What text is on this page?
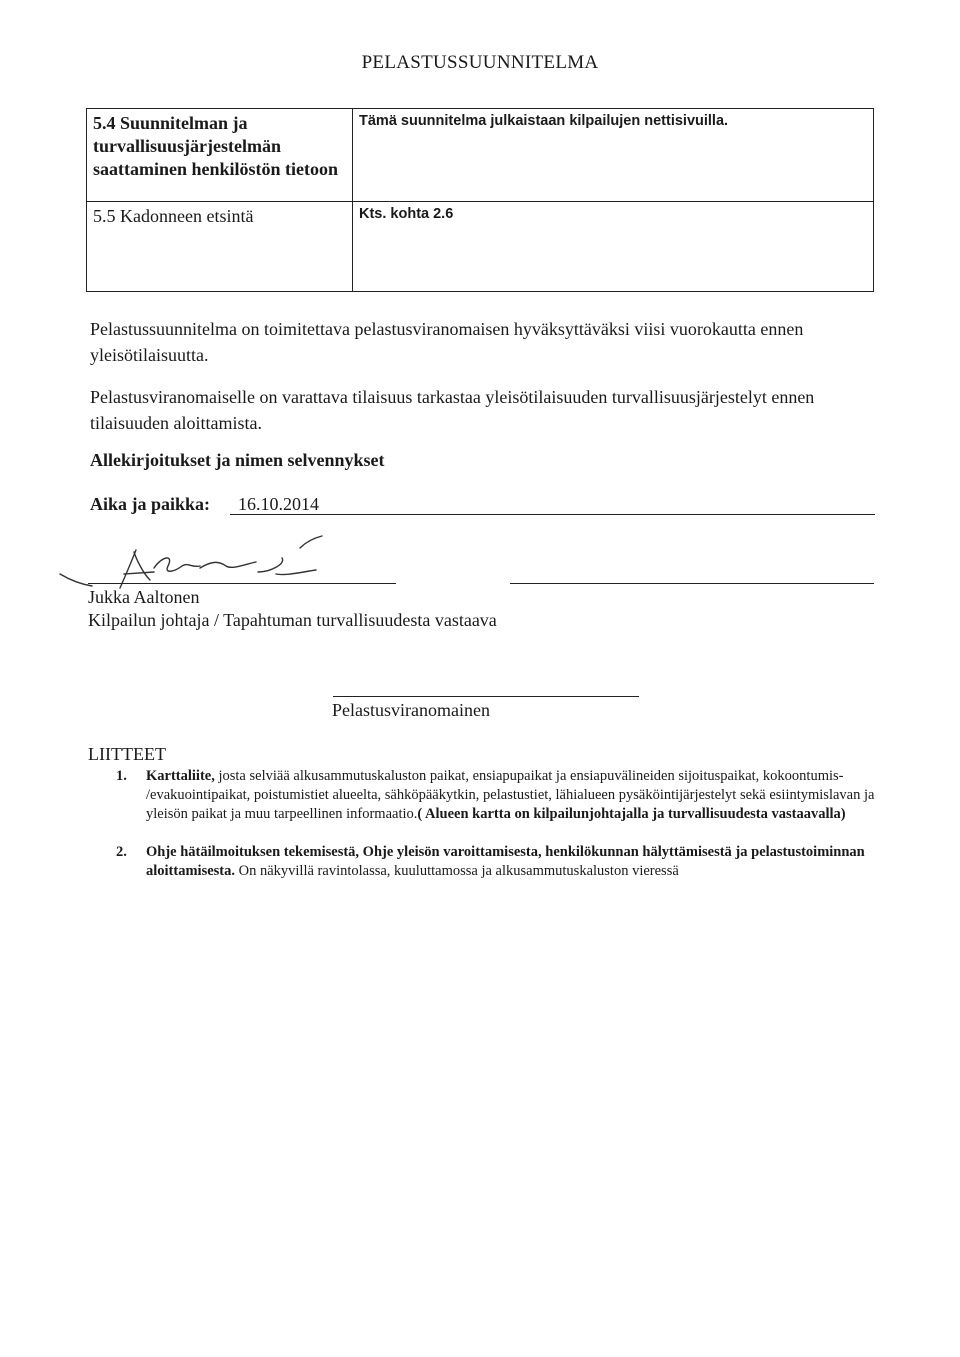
PELASTUSSUUNNITELMA
5.4 Suunnitelman ja turvallisuusjärjestelmän saattaminen henkilöstön tietoon	Tämä suunnitelma julkaistaan kilpailujen nettisivuilla.
5.5 Kadonneen etsintä	Kts. kohta 2.6
Pelastussuunnitelma on toimitettava pelastusviranomaisen hyväksyttäväksi viisi vuorokautta ennen yleisötilaisuutta.
Pelastusviranomaiselle on varattava tilaisuus tarkastaa yleisötilaisuuden turvallisuusjärjestelyt ennen tilaisuuden aloittamista.
Allekirjoitukset ja nimen selvennykset
Aika ja paikka: 16.10.2014
Jukka Aaltonen
Kilpailun johtaja / Tapahtuman turvallisuudesta vastaava
Pelastusviranomainen
LIITTEET
1. Karttaliite, josta selviää alkusammutuskaluston paikat, ensiapupaikat ja ensiapuvälineiden sijoituspaikat, kokoontumis- /evakuointipaikat, poistumistiet alueelta, sähköpääkytkin, pelastustiet, lähialueen pysäköintijärjestelyt sekä esiintymislavan ja yleisön paikat ja muu tarpeellinen informaatio.( Alueen kartta on kilpailunjohtajalla ja turvallisuudesta vastaavalla)
2. Ohje hätäilmoituksen tekemisestä, Ohje yleisön varoittamisesta, henkilökunnan hälyttämisestä ja pelastustoiminnan aloittamisesta. On näkyvillä ravintolassa, kuuluttamossa ja alkusammutuskaluston vieressä
